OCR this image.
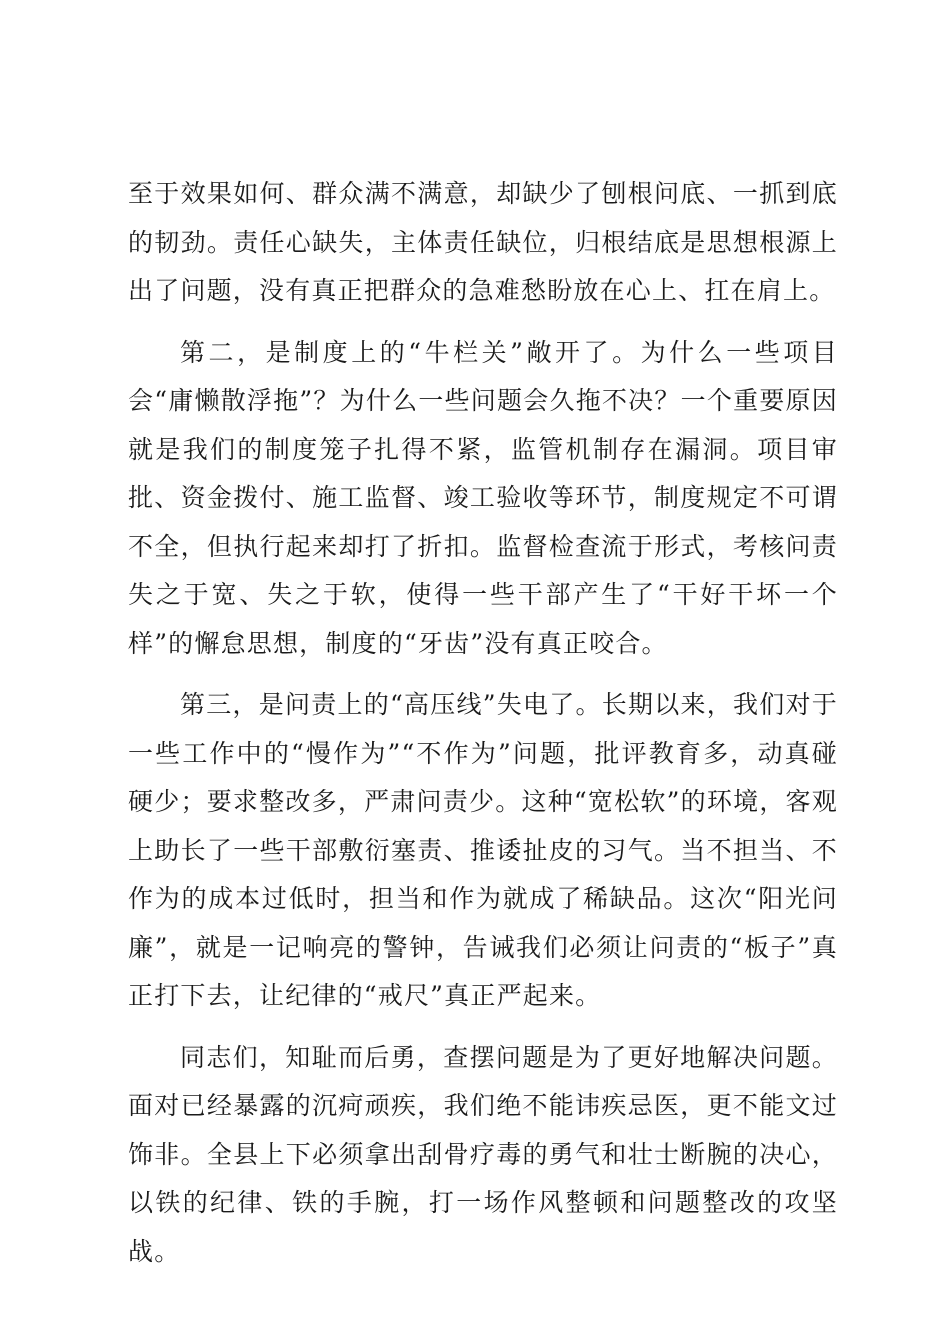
至于效果如何、群众满不满意，却缺少了刨根问底、一抓到底的韧劲。责任心缺失，主体责任缺位，归根结底是思想根源上出了问题，没有真正把群众的急难愁盼放在心上、扛在肩上。

第二，是制度上的“牛栏关”敞开了。为什么一些项目会“庸懒散浮拖”？为什么一些问题会久拖不决？一个重要原因就是我们的制度笼子扎得不紧，监管机制存在漏洞。项目审批、资金拨付、施工监督、竣工验收等环节，制度规定不可谓不全，但执行起来却打了折扣。监督检查流于形式，考核问责失之于宽、失之于软，使得一些干部产生了“干好干坏一个样”的懈怠思想，制度的“牙齿”没有真正咬合。

第三，是问责上的“高压线”失电了。长期以来，我们对于一些工作中的“慢作为”“不作为”问题，批评教育多，动真碰硬少；要求整改多，严肃问责少。这种“宽松软”的环境，客观上助长了一些干部敷衍塞责、推诿扯皮的习气。当不担当、不作为的成本过低时，担当和作为就成了稀缺品。这次“阳光问廉”，就是一记响亮的警钟，告诫我们必须让问责的“板子”真正打下去，让纪律的“戒尺”真正严起来。

同志们，知耻而后勇，查摆问题是为了更好地解决问题。面对已经暴露的沉疴顽疾，我们绝不能讳疾忌医，更不能文过饰非。全县上下必须拿出刮骨疗毒的勇气和壮士断腕的决心，以铁的纪律、铁的手腕，打一场作风整顿和问题整改的攻坚战。
